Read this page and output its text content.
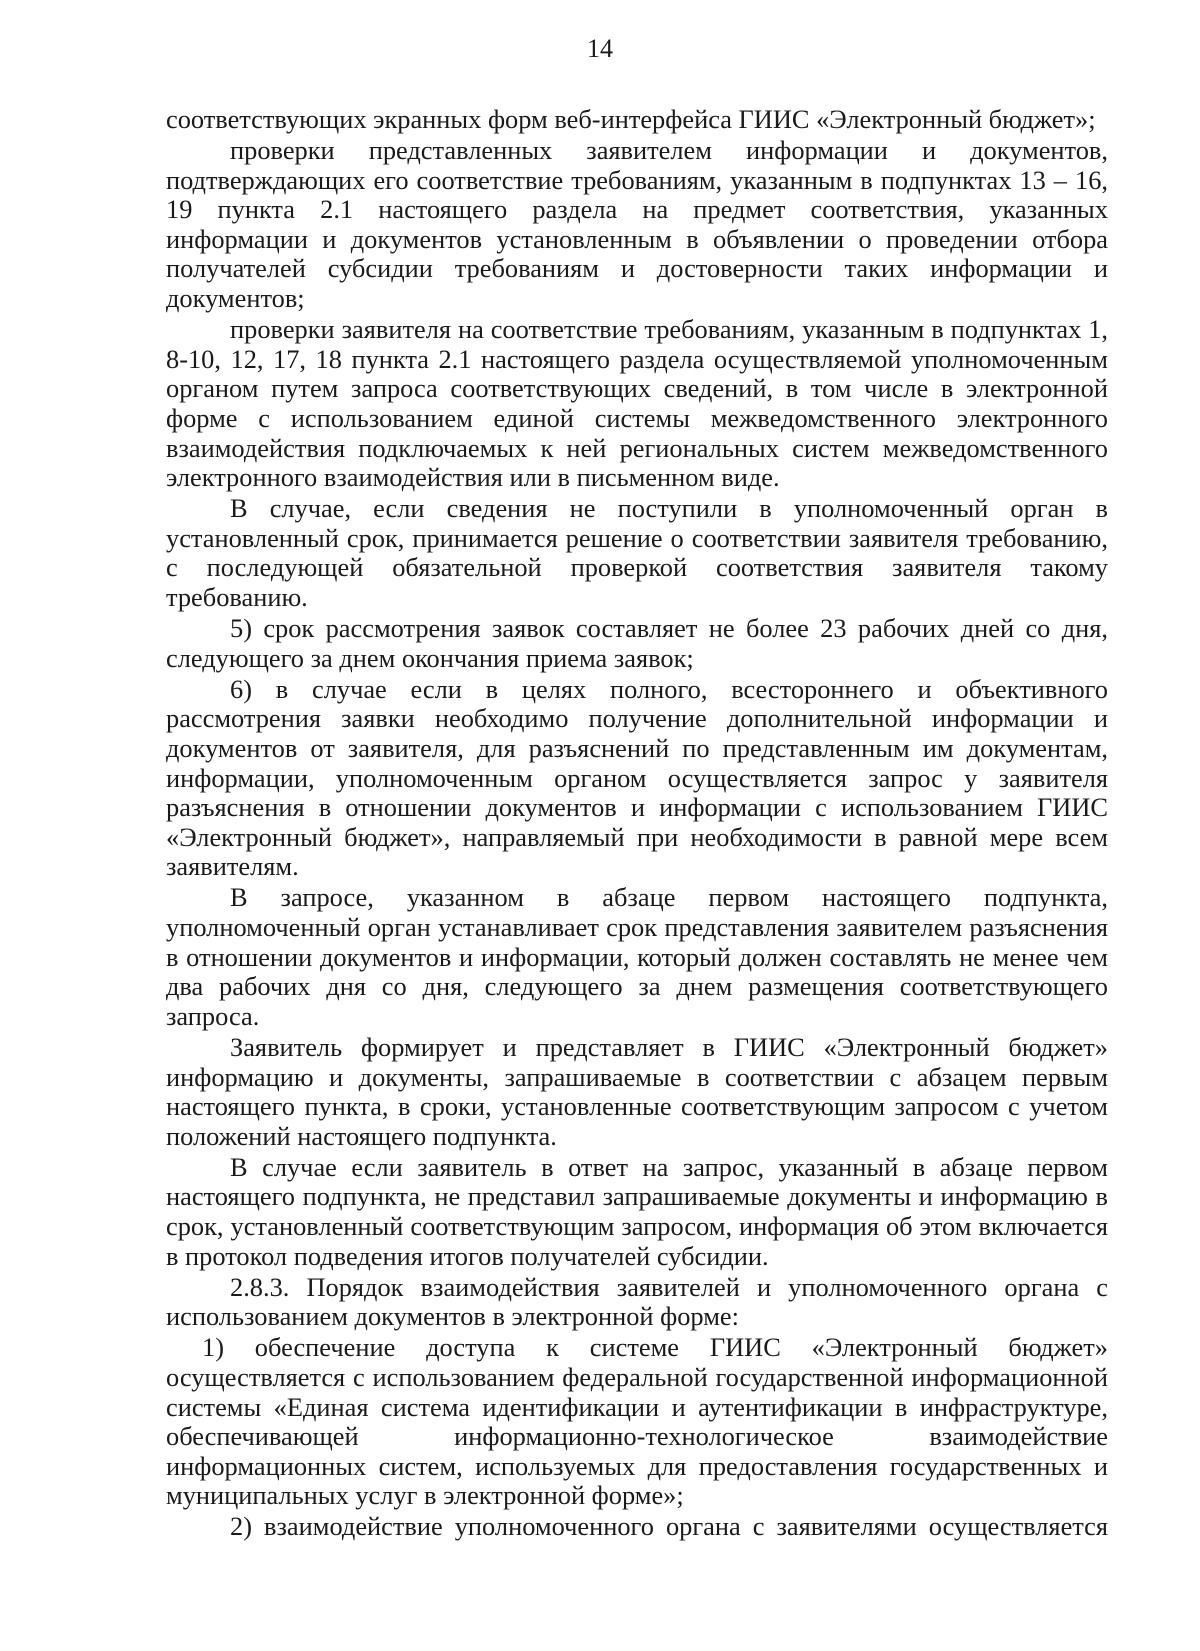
14

соответствующих экранных форм веб-интерфейса ГИИС «Электронный бюджет»;

проверки представленных заявителем информации и документов, подтверждающих его соответствие требованиям, указанным в подпунктах 13 – 16, 19 пункта 2.1 настоящего раздела на предмет соответствия, указанных информации и документов установленным в объявлении о проведении отбора получателей субсидии требованиям и достоверности таких информации и документов;

проверки заявителя на соответствие требованиям, указанным в подпунктах 1, 8-10, 12, 17, 18 пункта 2.1 настоящего раздела осуществляемой уполномоченным органом путем запроса соответствующих сведений, в том числе в электронной форме с использованием единой системы межведомственного электронного взаимодействия подключаемых к ней региональных систем межведомственного электронного взаимодействия или в письменном виде.

В случае, если сведения не поступили в уполномоченный орган в установленный срок, принимается решение о соответствии заявителя требованию, с последующей обязательной проверкой соответствия заявителя такому требованию.

5) срок рассмотрения заявок составляет не более 23 рабочих дней со дня, следующего за днем окончания приема заявок;

6) в случае если в целях полного, всестороннего и объективного рассмотрения заявки необходимо получение дополнительной информации и документов от заявителя, для разъяснений по представленным им документам, информации, уполномоченным органом осуществляется запрос у заявителя разъяснения в отношении документов и информации с использованием ГИИС «Электронный бюджет», направляемый при необходимости в равной мере всем заявителям.

В запросе, указанном в абзаце первом настоящего подпункта, уполномоченный орган устанавливает срок представления заявителем разъяснения в отношении документов и информации, который должен составлять не менее чем два рабочих дня со дня, следующего за днем размещения соответствующего запроса.

Заявитель формирует и представляет в ГИИС «Электронный бюджет» информацию и документы, запрашиваемые в соответствии с абзацем первым настоящего пункта, в сроки, установленные соответствующим запросом с учетом положений настоящего подпункта.

В случае если заявитель в ответ на запрос, указанный в абзаце первом настоящего подпункта, не представил запрашиваемые документы и информацию в срок, установленный соответствующим запросом, информация об этом включается в протокол подведения итогов получателей субсидии.

2.8.3. Порядок взаимодействия заявителей и уполномоченного органа с использованием документов в электронной форме:

1) обеспечение доступа к системе ГИИС «Электронный бюджет» осуществляется с использованием федеральной государственной информационной системы «Единая система идентификации и аутентификации в инфраструктуре, обеспечивающей информационно-технологическое взаимодействие информационных систем, используемых для предоставления государственных и муниципальных услуг в электронной форме»;

2) взаимодействие уполномоченного органа с заявителями осуществляется
